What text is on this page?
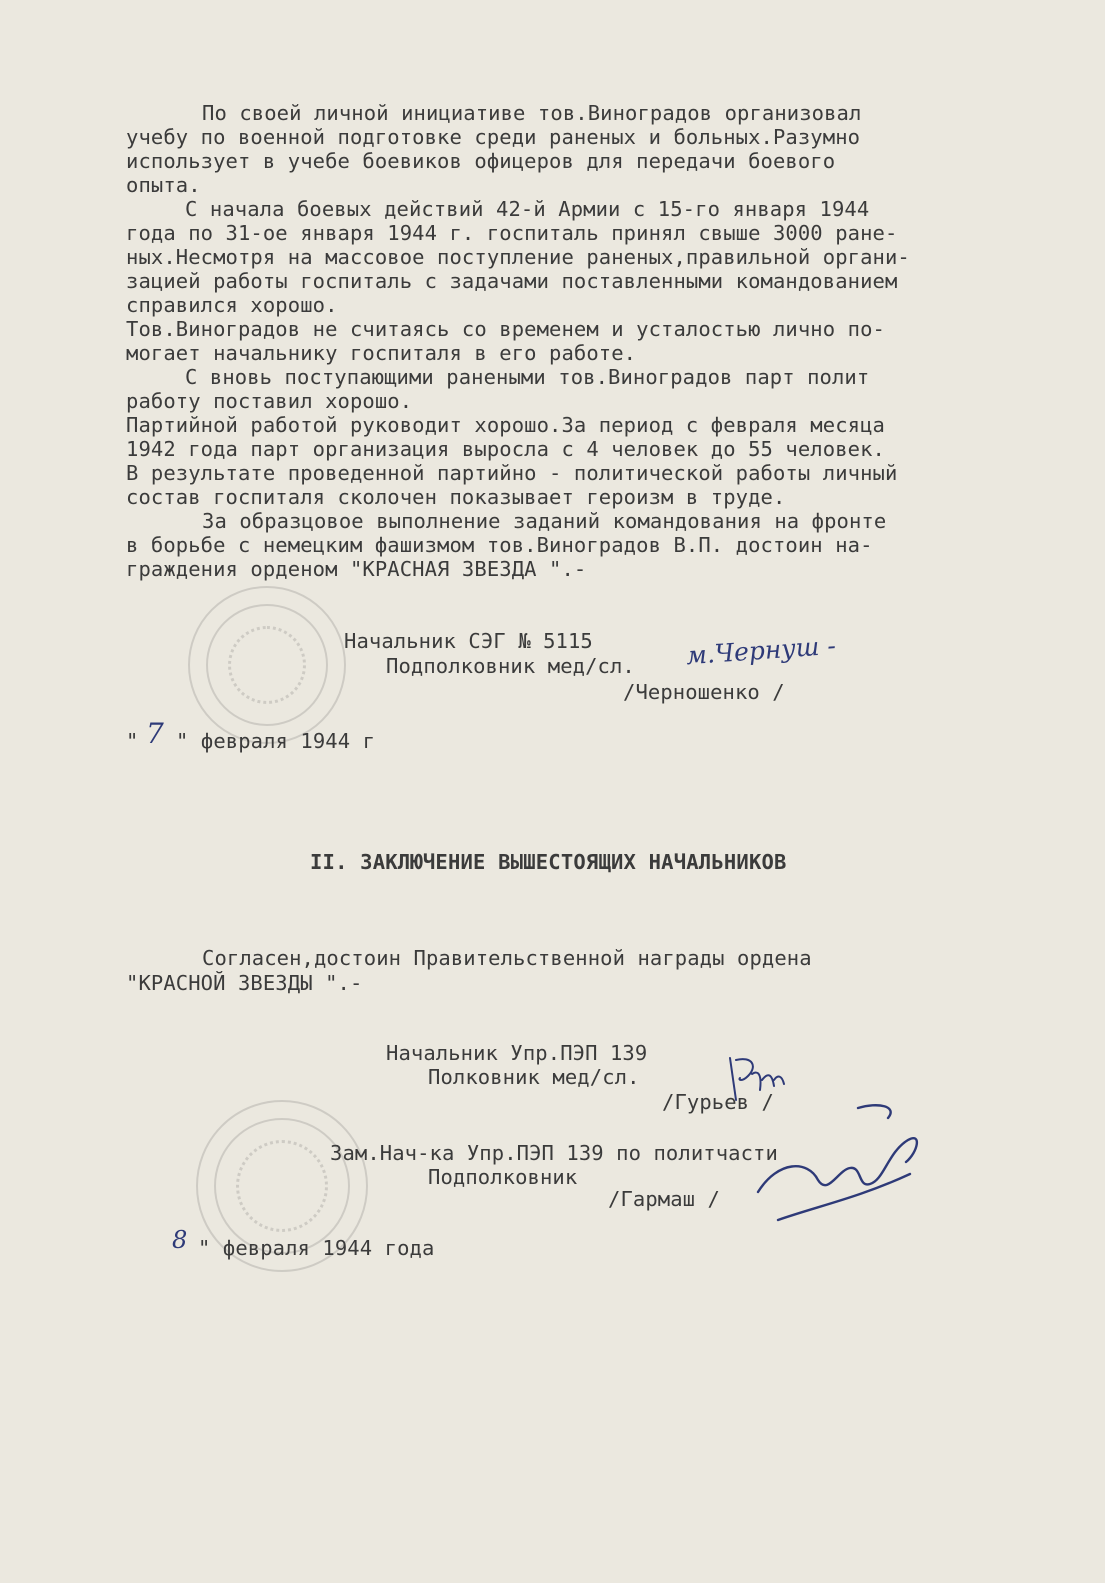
По своей личной инициативе тов.Виноградов организовал

учебу по военной подготовке среди раненых и больных.Разумно

использует в учебе боевиков офицеров для передачи боевого

опыта.

С начала боевых действий 42-й Армии с 15-го января 1944

года по 31-ое января 1944 г. госпиталь принял свыше 3000 ране-

ных.Несмотря на массовое поступление раненых,правильной органи-

зацией работы госпиталь с задачами поставленными командованием

справился хорошо.

Тов.Виноградов не считаясь со временем и усталостью лично по-

могает начальнику госпиталя в его работе.

С вновь поступающими ранеными тов.Виноградов парт полит

работу поставил хорошо.

Партийной работой руководит хорошо.За период с февраля месяца

1942 года парт организация выросла с 4 человек до 55 человек.

В результате проведенной партийно - политической работы личный

состав госпиталя сколочен показывает героизм в труде.

За образцовое выполнение заданий командования на фронте

в борьбе с немецким фашизмом тов.Виноградов В.П. достоин на-

граждения орденом "КРАСНАЯ ЗВЕЗДА ".-

Начальник СЭГ № 5115

Подполковник мед/сл.

/Черношенко /

м.Чернуш -

" 7 " февраля 1944 г

II. ЗАКЛЮЧЕНИЕ ВЫШЕСТОЯЩИХ НАЧАЛЬНИКОВ

Согласен,достоин Правительственной награды ордена

"КРАСНОЙ ЗВЕЗДЫ ".-

Начальник Упр.ПЭП 139

Полковник мед/сл.

/Гурьев /

Зам.Нач-ка Упр.ПЭП 139 по политчасти

Подполковник

/Гармаш /

8 " февраля 1944 года
